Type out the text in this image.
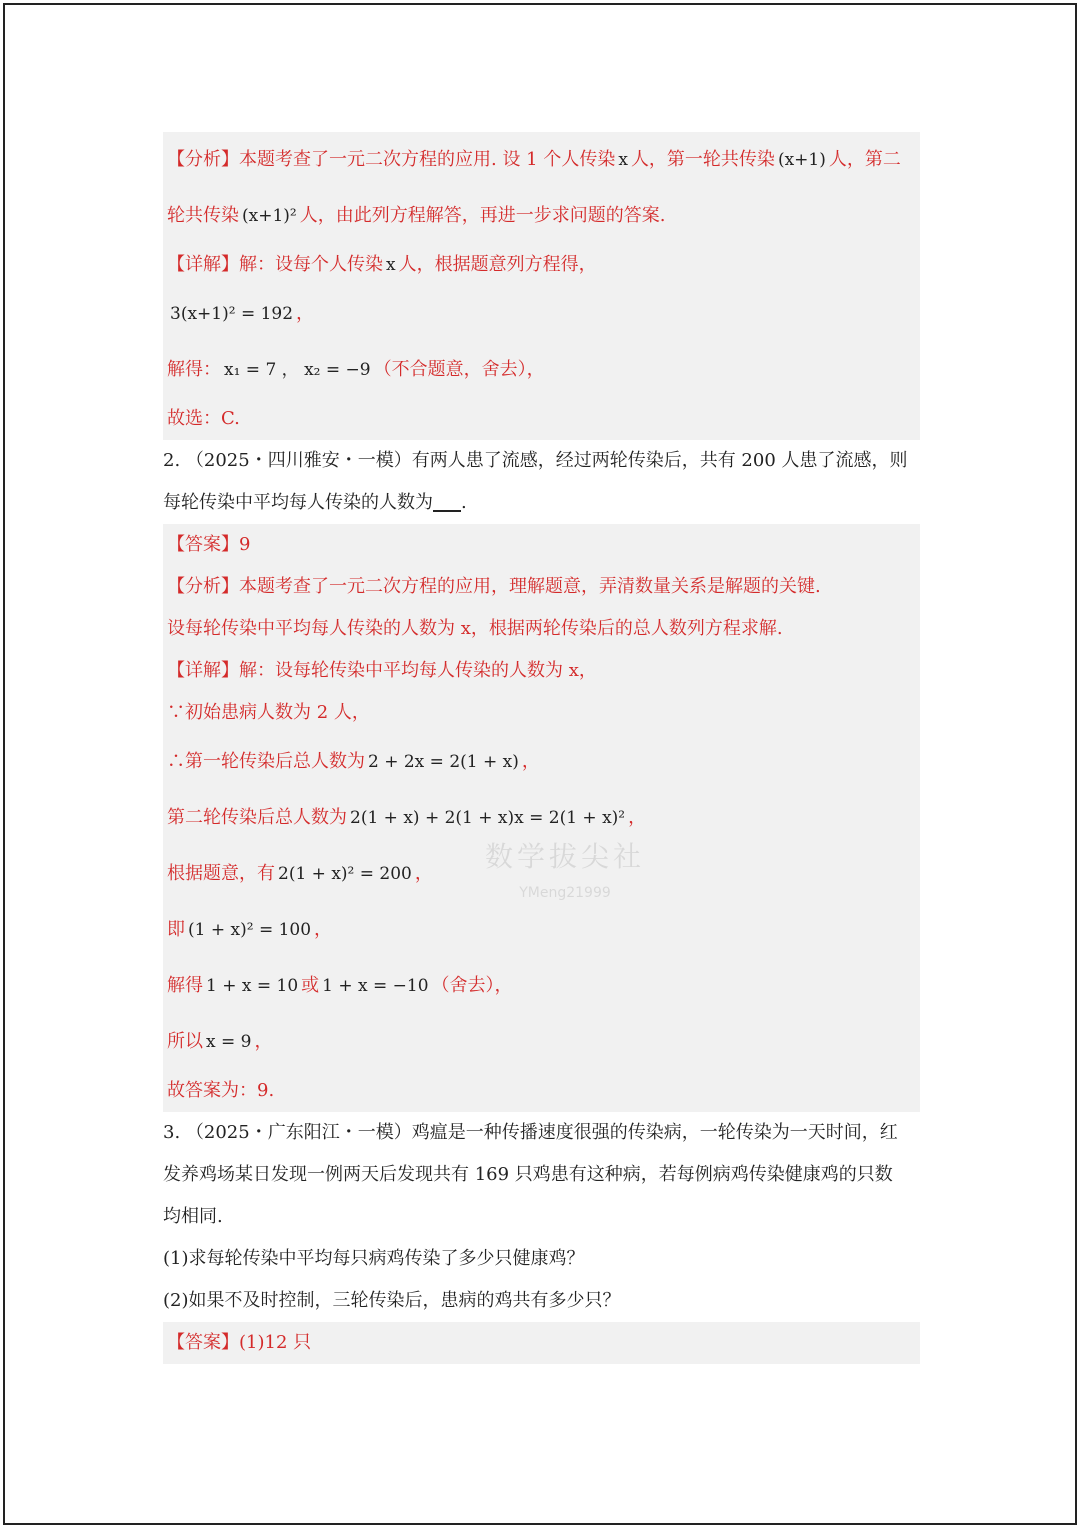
【分析】本题考查了一元二次方程的应用. 设 1 个人传染 x 人，第一轮共传染 (x+1) 人，第二
轮共传染 (x+1)² 人，由此列方程解答，再进一步求问题的答案.
【详解】解：设每个人传染 x 人，根据题意列方程得，
3(x+1)² = 192 ，
解得： x₁ = 7 ， x₂ = −9 （不合题意，舍去），
故选：C.
2. （2025・四川雅安・一模）有两人患了流感，经过两轮传染后，共有 200 人患了流感，则
每轮传染中平均每人传染的人数为 .
【答案】9
【分析】本题考查了一元二次方程的应用，理解题意，弄清数量关系是解题的关键.
设每轮传染中平均每人传染的人数为 x，根据两轮传染后的总人数列方程求解.
【详解】解：设每轮传染中平均每人传染的人数为 x，
∵初始患病人数为 2 人，
∴第一轮传染后总人数为 2 + 2x = 2(1 + x) ，
第二轮传染后总人数为 2(1 + x) + 2(1 + x)x = 2(1 + x)² ，
根据题意，有 2(1 + x)² = 200 ，
即 (1 + x)² = 100 ，
解得 1 + x = 10 或 1 + x = −10 （舍去），
所以 x = 9 ，
故答案为：9.
3. （2025・广东阳江・一模）鸡瘟是一种传播速度很强的传染病，一轮传染为一天时间，红
发养鸡场某日发现一例两天后发现共有 169 只鸡患有这种病，若每例病鸡传染健康鸡的只数
均相同.
(1)求每轮传染中平均每只病鸡传染了多少只健康鸡？
(2)如果不及时控制，三轮传染后，患病的鸡共有多少只？
【答案】(1)12 只
数学拔尖社
YMeng21999
